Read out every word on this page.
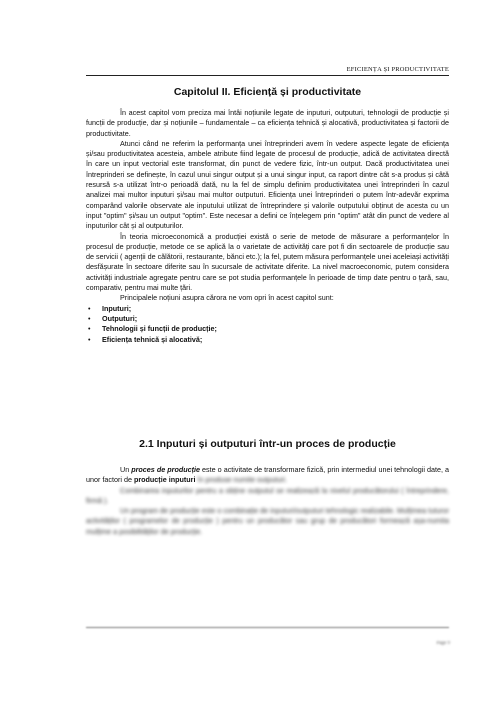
EFICIENȚA ȘI PRODUCTIVITATE
Capitolul II. Eficiență și productivitate

În acest capitol vom preciza mai întâi noțiunile legate de inputuri, outputuri, tehnologii de producție și funcții de producție, dar și noțiunile – fundamentale – ca eficiența tehnică și alocativă, productivitatea și factorii de productivitate.

Atunci când ne referim la performanța unei întreprinderi avem în vedere aspecte legate de eficiența și/sau productivitatea acesteia, ambele atribute fiind legate de procesul de producție, adică de activitatea directă în care un input vectorial este transformat, din punct de vedere fizic, într-un output. Dacă productivitatea unei întreprinderi se definește, în cazul unui singur output și a unui singur input, ca raport dintre cât s-a produs și câtă resursă s-a utilizat într-o perioadă dată, nu la fel de simplu definim productivitatea unei întreprinderi în cazul analizei mai multor inputuri și/sau mai multor outputuri. Eficiența unei întreprinderi o putem într-adevăr exprima comparând valorile observate ale inputului utilizat de întreprindere și valorile outputului obținut de acesta cu un input "optim" și/sau un output "optim". Este necesar a defini ce înțelegem prin "optim" atât din punct de vedere al inputurilor cât și al outputurilor.

În teoria microeconomică a producției există o serie de metode de măsurare a performanțelor în procesul de producție, metode ce se aplică la o varietate de activități care pot fi din sectoarele de producție sau de servicii ( agenții de călătorii, restaurante, bănci etc.); la fel, putem măsura performanțele unei aceleiași activități desfășurate în sectoare diferite sau în sucursale de activitate diferite. La nivel macroeconomic, putem considera activități industriale agregate pentru care se pot studia performanțele în perioade de timp date pentru o țară, sau, comparativ, pentru mai multe țări.

Principalele noțiuni asupra cărora ne vom opri în acest capitol sunt:

• Inputuri;
• Outputuri;
• Tehnologii și funcții de producție;
• Eficiența tehnică și alocativă;
2.1 Inputuri și outputuri într-un proces de producție

Un proces de producție este o activitate de transformare fizică, prin intermediul unei tehnologii date, a unor factori de producție inputuri în produse numite outputuri.

Combinarea inputurilor pentru a obține outputul se realizează la nivelul producătorului ( întreprindere, firmă ).

Un program de producție este o combinație de inputuri/outputuri tehnologic realizabile. Mulțimea tuturor activităților ( programelor de producție ) pentru un producător sau grup de producători formează așa-numita mulțime a posibilităților de producție.

Page 9
